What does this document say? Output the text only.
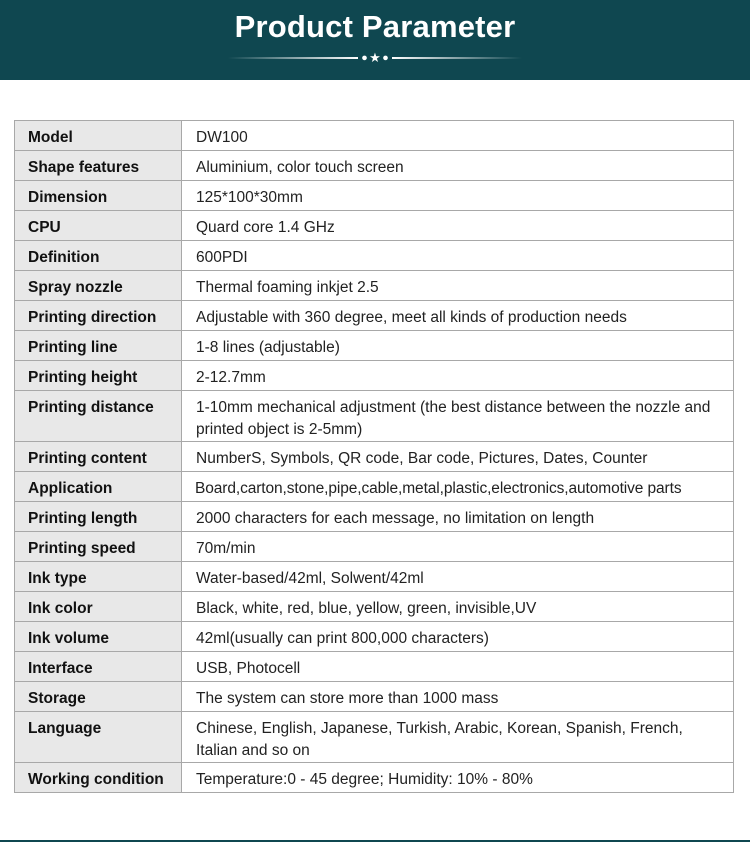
Product Parameter
● ★ ●
Model	DW100
Shape features	Aluminium, color touch screen
Dimension	125*100*30mm
CPU	Quard core 1.4 GHz
Definition	600PDI
Spray nozzle	Thermal foaming inkjet 2.5
Printing direction	Adjustable with 360 degree, meet all kinds of production needs
Printing line	1-8 lines (adjustable)
Printing height	2-12.7mm
Printing distance	1-10mm mechanical adjustment (the best distance between the nozzle and printed object is 2-5mm)
Printing content	NumberS, Symbols, QR code, Bar code, Pictures, Dates, Counter
Application	Board,carton,stone,pipe,cable,metal,plastic,electronics,automotive parts
Printing length	2000 characters for each message, no limitation on length
Printing speed	70m/min
Ink type	Water-based/42ml, Solwent/42ml
Ink color	Black, white, red, blue, yellow, green, invisible,UV
Ink volume	42ml(usually can print 800,000 characters)
Interface	USB, Photocell
Storage	The system can store more than 1000 mass
Language	Chinese, English, Japanese, Turkish, Arabic, Korean, Spanish, French, Italian and so on
Working condition	Temperature:0 - 45 degree; Humidity: 10% - 80%
